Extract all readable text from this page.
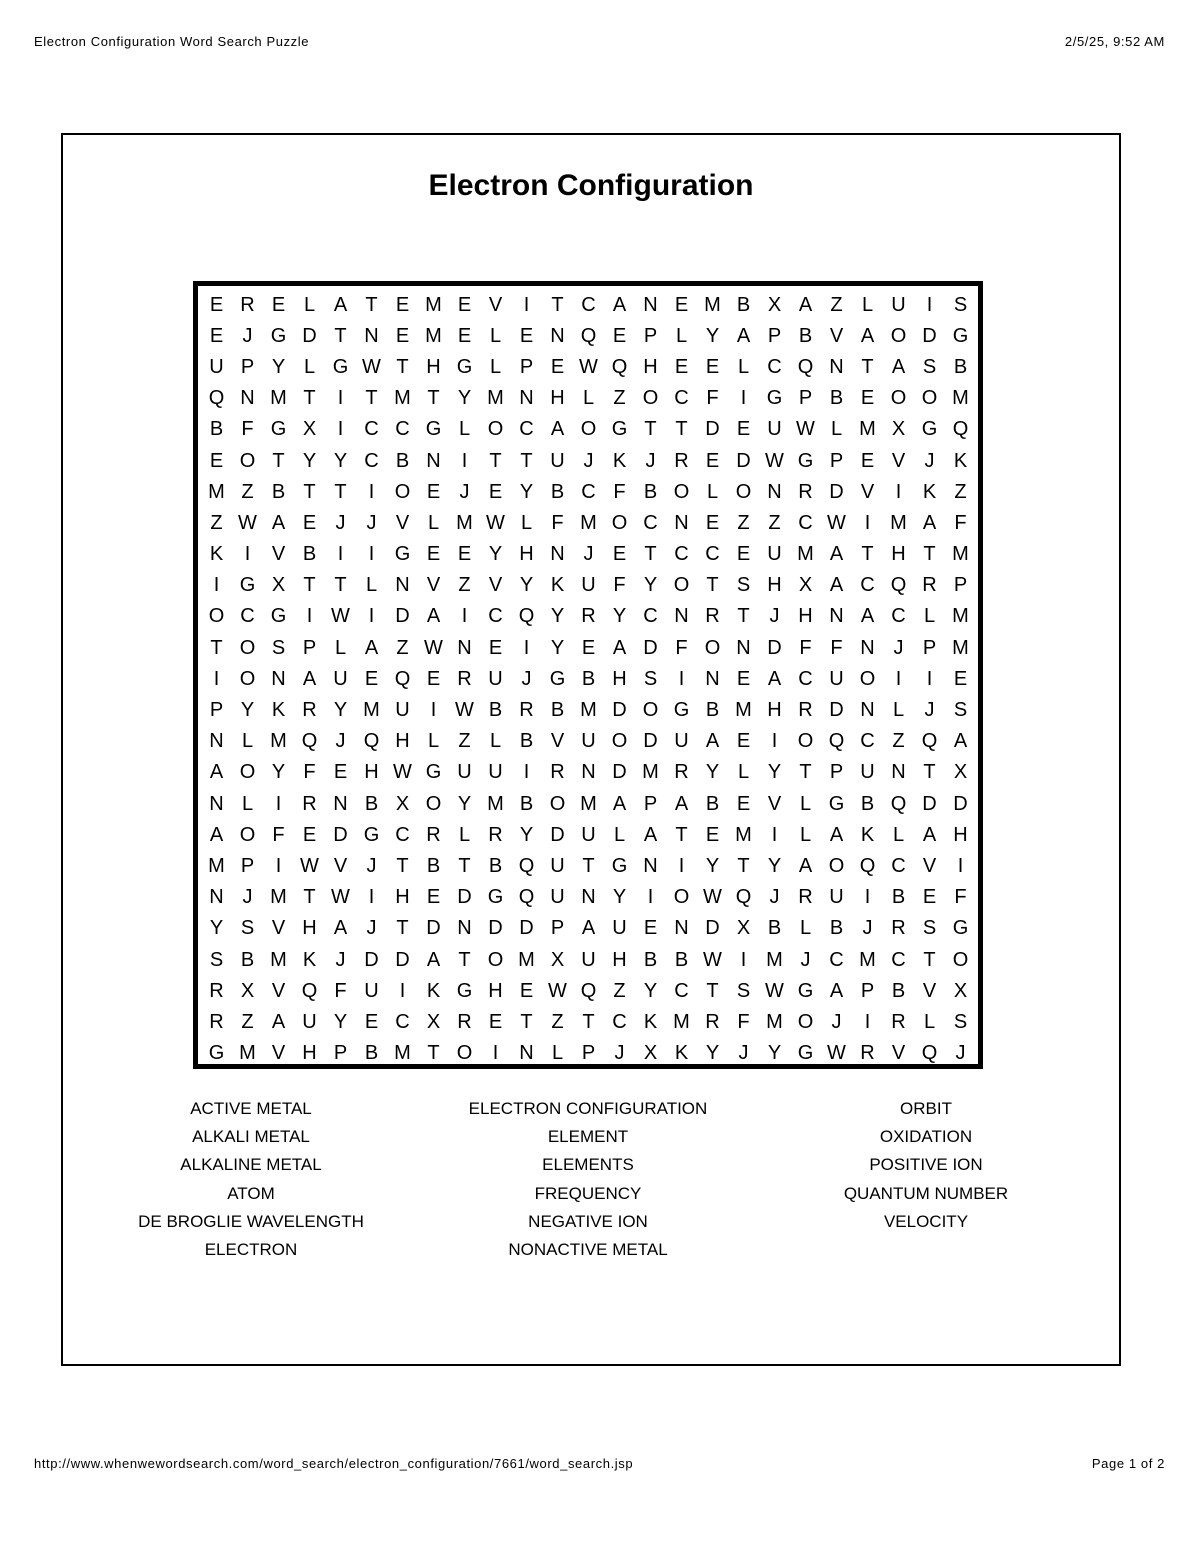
Electron Configuration Word Search Puzzle	2/5/25, 9:52 AM
Electron Configuration
E R E L A T E M E V	I	T C A N E M B X A Z L U	I	S
E J G D T N E M E L E N Q E P L Y A P B V A O D G
U P Y L G W T H G L P E W Q H E E L C Q N T A S B
Q N M T	I	T M T Y M N H L Z O C F	I	G P B E O O M
B F G X	I	C C G L O C A O G T T D E U W L M X G Q
E O T Y Y C B N	I	T T U J K J R E D W G P E V J K
M Z B T T	I	O E J E Y B C F B O L O N R D V	I	K Z
Z W A E J	J V L M W L F M O C N E Z Z C W I M A F
K	I	V B	I	I	G E E Y H N J E T C C E U M A T H T M
I	G X T T L N V Z V Y K U F Y O T S H X A C Q R P
O C G	I W I	D A	I	C Q Y R Y C N R T J H N A C L M
T O S P L A Z W N E	I	Y E A D F O N D F F N J P M
I	O N A U E Q E R U J G B H S	I	N E A C U O	I	I	E
P Y K R Y M U	I W B R B M D O G B M H R D N L	J S
N L M Q J Q H L Z L B V U O D U A E	I	O Q C Z Q A
A O Y F E H W G U U	I	R N D M R Y L Y T P U N T X
N L	I	R N B X O Y M B O M A P A B E V L G B Q D D
A O F E D G C R L R Y D U L A T E M I	L A K L A H
M P	I W V J T B T B Q U T G N	I	Y T Y A O Q C V	I
N J M T W I	H E D G Q U N Y	I	O W Q J R U	I	B E F
Y S V H A J T D N D D P A U E N D X B L B J R S G
S B M K J D D A T O M X U H B B W I M J C M C T O
R X V Q F U	I	K G H E W Q Z Y C T S W G A P B V X
R Z A U Y E C X R E T Z T C K M R F M O J	I	R L S
G M V H P B M T O	I	N L P J X K Y J Y G W R V Q J
ACTIVE METAL
ALKALI METAL
ALKALINE METAL
ATOM
DE BROGLIE WAVELENGTH
ELECTRON
ELECTRON CONFIGURATION
ELEMENT
ELEMENTS
FREQUENCY
NEGATIVE ION
NONACTIVE METAL
ORBIT
OXIDATION
POSITIVE ION
QUANTUM NUMBER
VELOCITY
http://www.whenwewordsearch.com/word_search/electron_configuration/7661/word_search.jsp	Page 1 of 2
